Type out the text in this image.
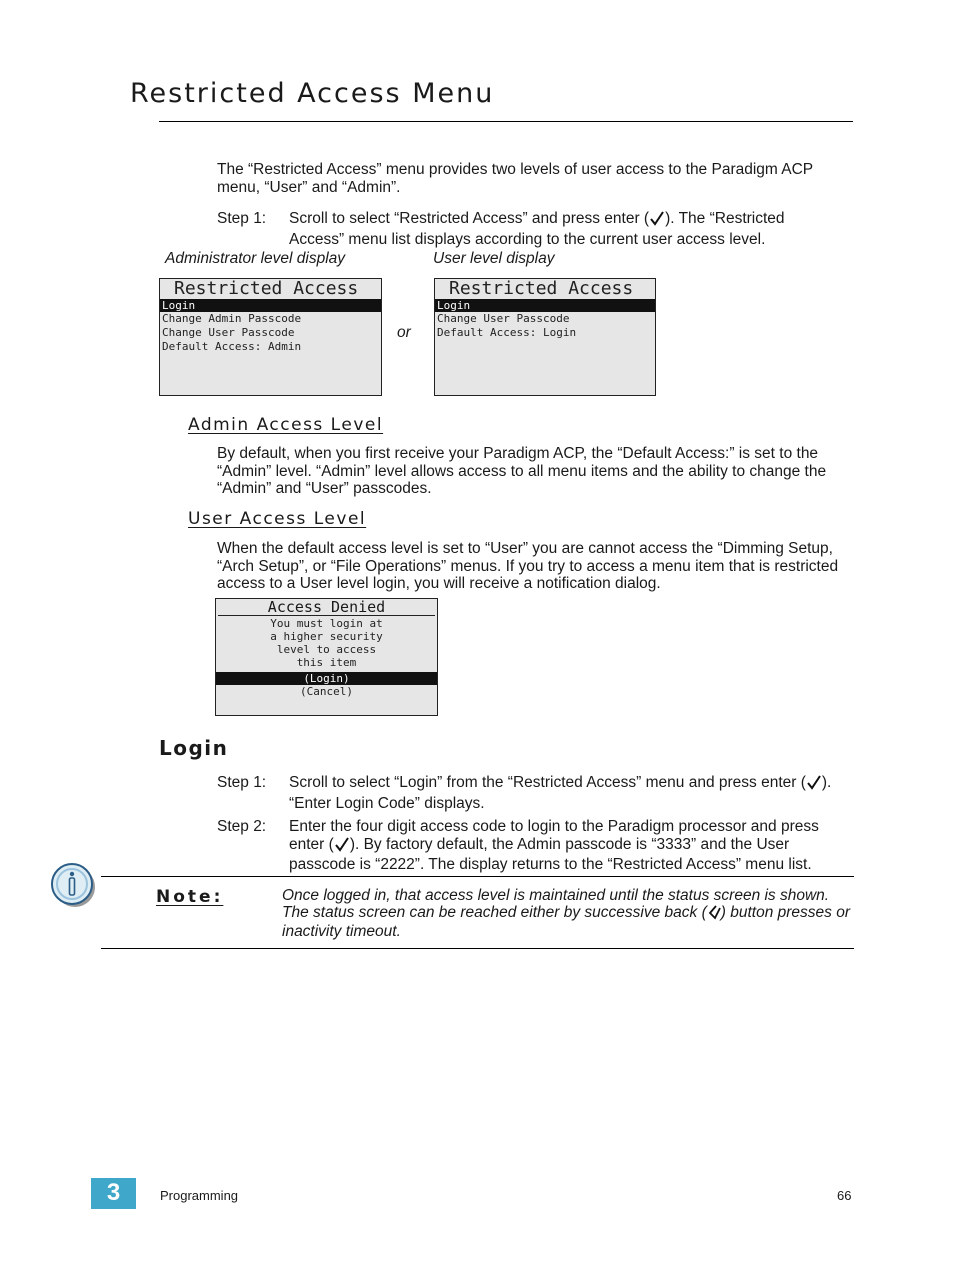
Restricted Access Menu
The “Restricted Access” menu provides two levels of user access to the Paradigm ACP menu, “User” and “Admin”.
Step 1: Scroll to select “Restricted Access” and press enter ( ). The “Restricted Access” menu list displays according to the current user access level.
Administrator level display	User level display
Restricted Access
Login
Change Admin Passcode
Change User Passcode
Default Access: Admin
or
Restricted Access
Login
Change User Passcode
Default Access: Login
Admin Access Level
By default, when you first receive your Paradigm ACP, the “Default Access:” is set to the “Admin” level. “Admin” level allows access to all menu items and the ability to change the “Admin” and “User” passcodes.
User Access Level
When the default access level is set to “User” you are cannot access the “Dimming Setup, “Arch Setup”, or “File Operations” menus. If you try to access a menu item that is restricted access to a User level login, you will receive a notification dialog.
Access Denied
You must login at
a higher security
level to access
this item
(Login)
(Cancel)
Login
Step 1: Scroll to select “Login” from the “Restricted Access” menu and press enter ( ). “Enter Login Code” displays.
Step 2: Enter the four digit access code to login to the Paradigm processor and press enter ( ). By factory default, the Admin passcode is “3333” and the User passcode is “2222”. The display returns to the “Restricted Access” menu list.
Note:	Once logged in, that access level is maintained until the status screen is shown. The status screen can be reached either by successive back ( ) button presses or inactivity timeout.
3	Programming	66
